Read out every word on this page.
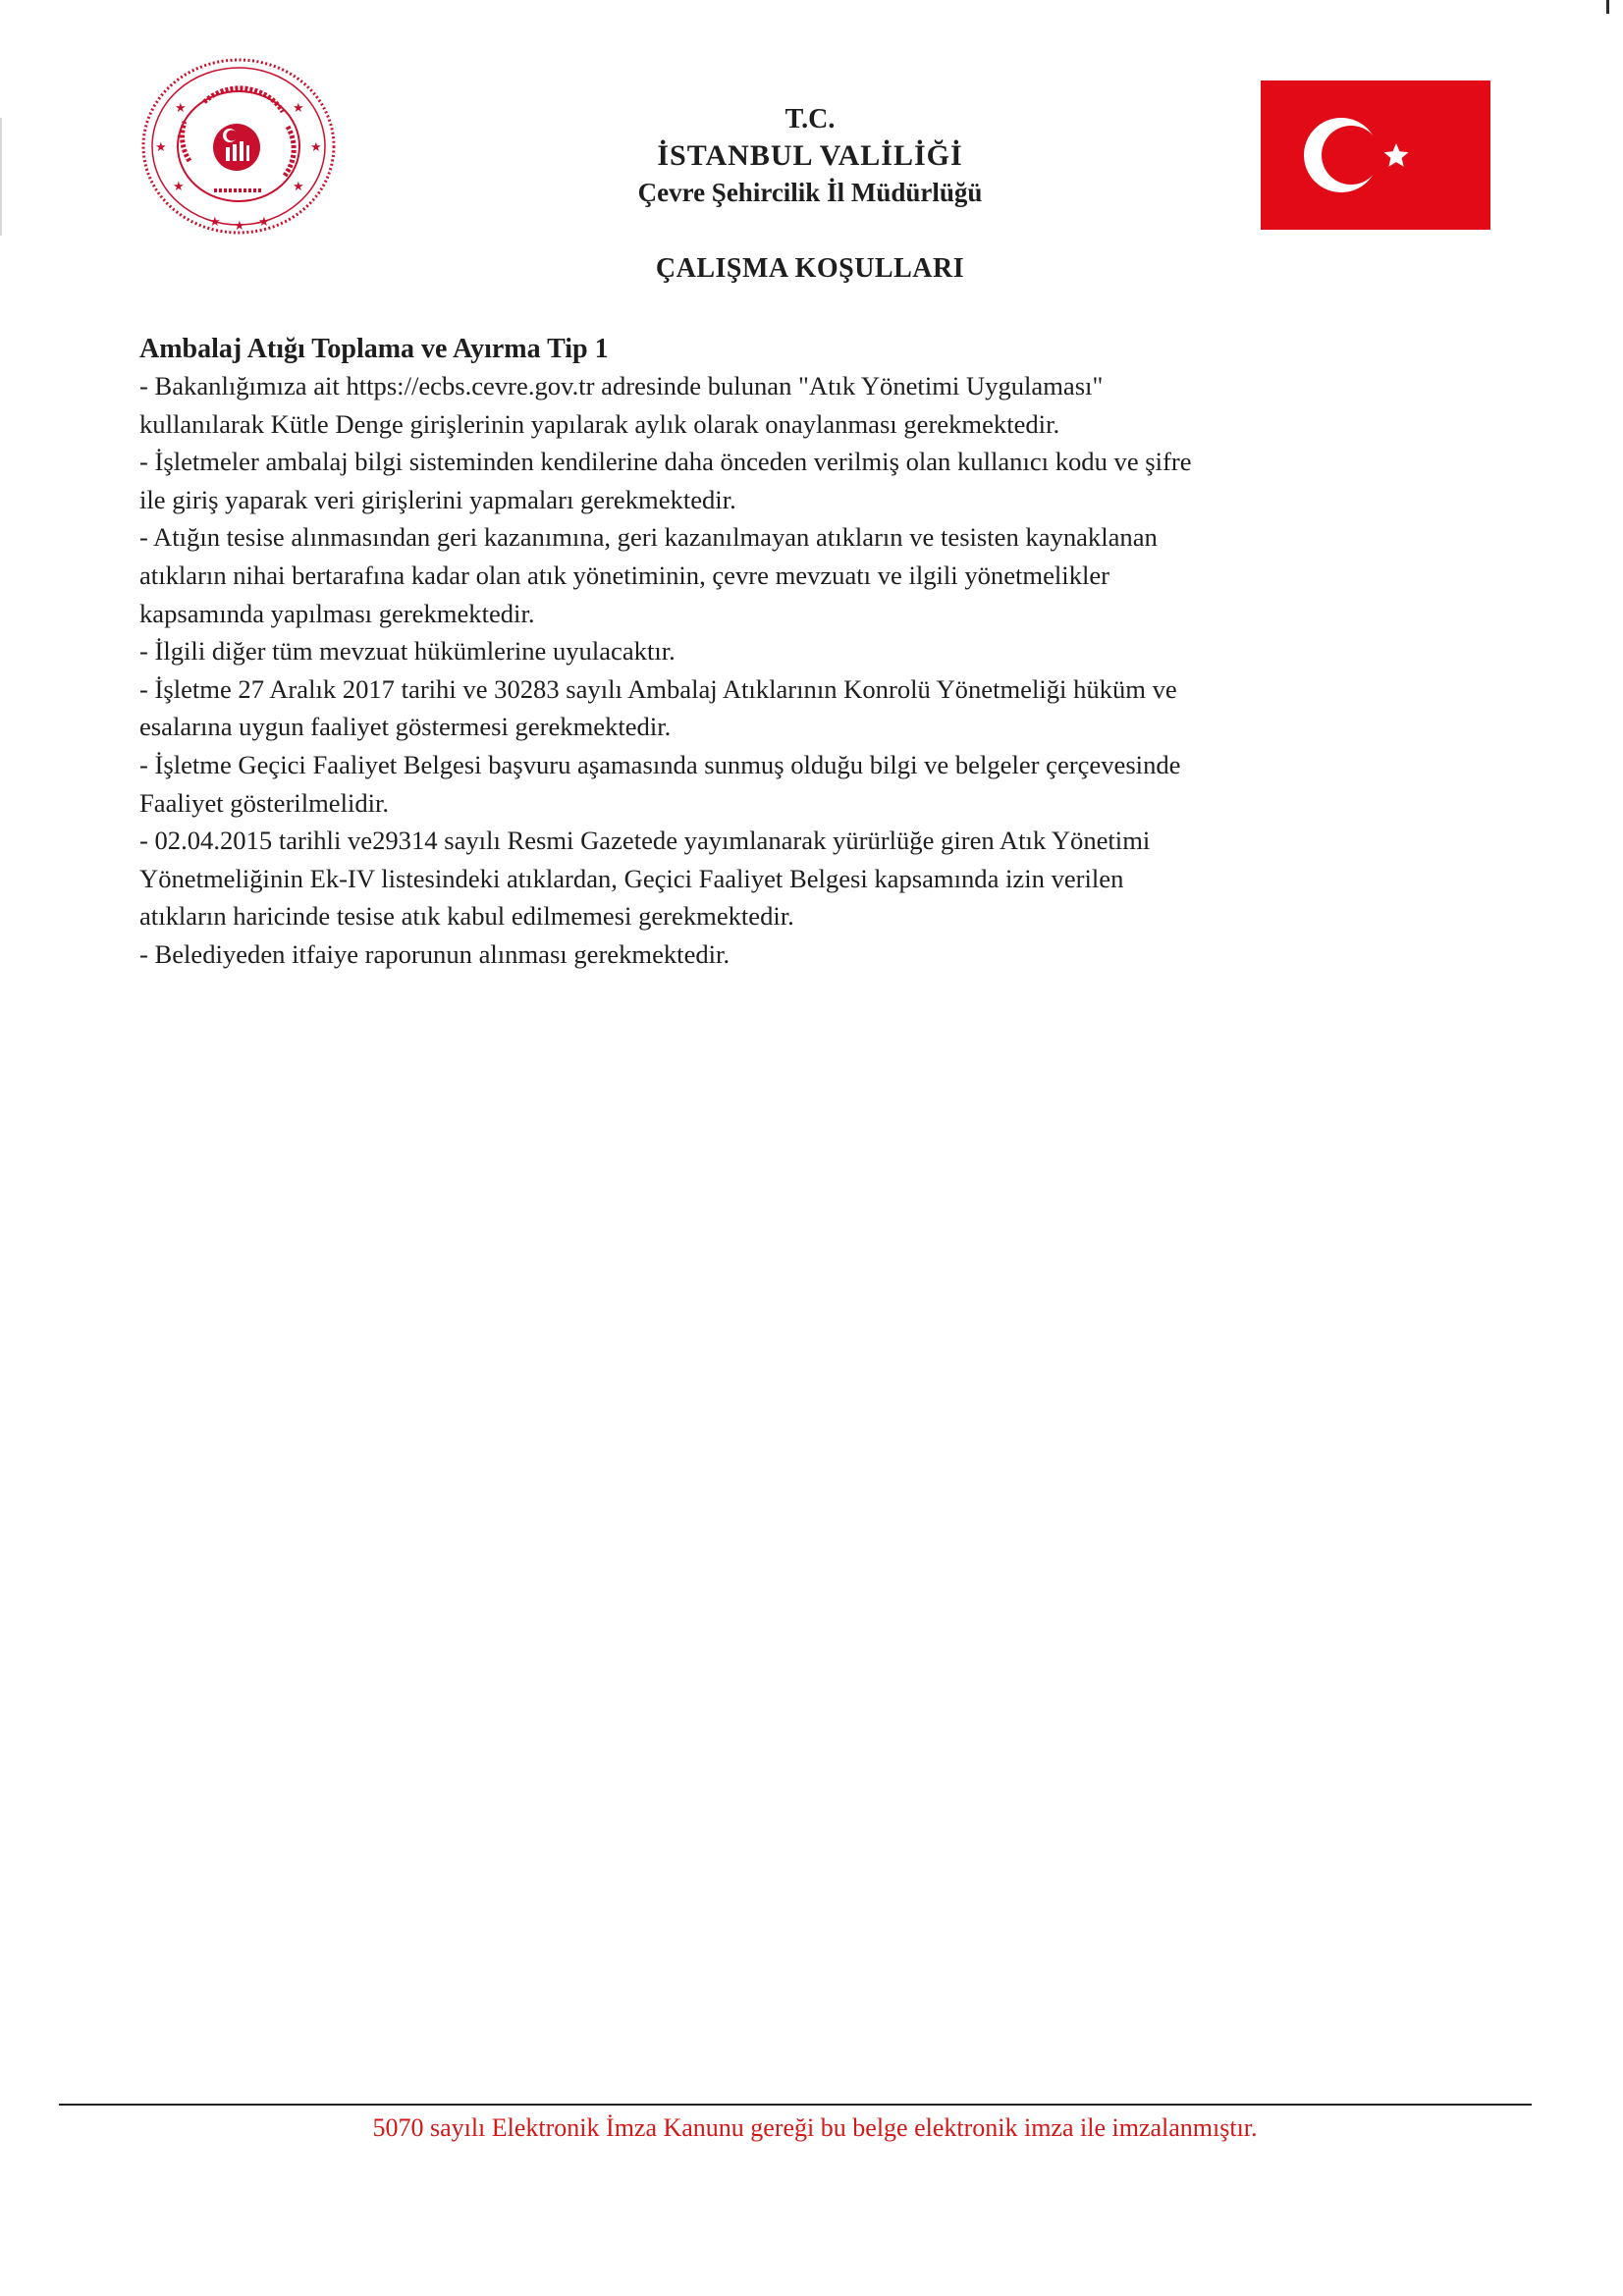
★
★
★
★
★
★
★ ★ ★
T.C.
İSTANBUL VALİLİĞİ
Çevre Şehircilik İl Müdürlüğü
ÇALIŞMA KOŞULLARI
Ambalaj Atığı Toplama ve Ayırma Tip 1

- Bakanlığımıza ait https://ecbs.cevre.gov.tr adresinde bulunan "Atık Yönetimi Uygulaması"

kullanılarak Kütle Denge girişlerinin yapılarak aylık olarak onaylanması gerekmektedir.

- İşletmeler ambalaj bilgi sisteminden kendilerine daha önceden verilmiş olan kullanıcı kodu ve şifre

ile giriş yaparak veri girişlerini yapmaları gerekmektedir.

- Atığın tesise alınmasından geri kazanımına, geri kazanılmayan atıkların ve tesisten kaynaklanan

atıkların nihai bertarafına kadar olan atık yönetiminin, çevre mevzuatı ve ilgili yönetmelikler

kapsamında yapılması gerekmektedir.

- İlgili diğer tüm mevzuat hükümlerine uyulacaktır.

- İşletme 27 Aralık 2017 tarihi ve 30283 sayılı Ambalaj Atıklarının Konrolü Yönetmeliği hüküm ve

esalarına uygun faaliyet göstermesi gerekmektedir.

- İşletme Geçici Faaliyet Belgesi başvuru aşamasında sunmuş olduğu bilgi ve belgeler çerçevesinde

Faaliyet gösterilmelidir.

- 02.04.2015 tarihli ve29314 sayılı Resmi Gazetede yayımlanarak yürürlüğe giren Atık Yönetimi

Yönetmeliğinin Ek-IV listesindeki atıklardan, Geçici Faaliyet Belgesi kapsamında izin verilen

atıkların haricinde tesise atık kabul edilmemesi gerekmektedir.

- Belediyeden itfaiye raporunun alınması gerekmektedir.

5070 sayılı Elektronik İmza Kanunu gereği bu belge elektronik imza ile imzalanmıştır.
